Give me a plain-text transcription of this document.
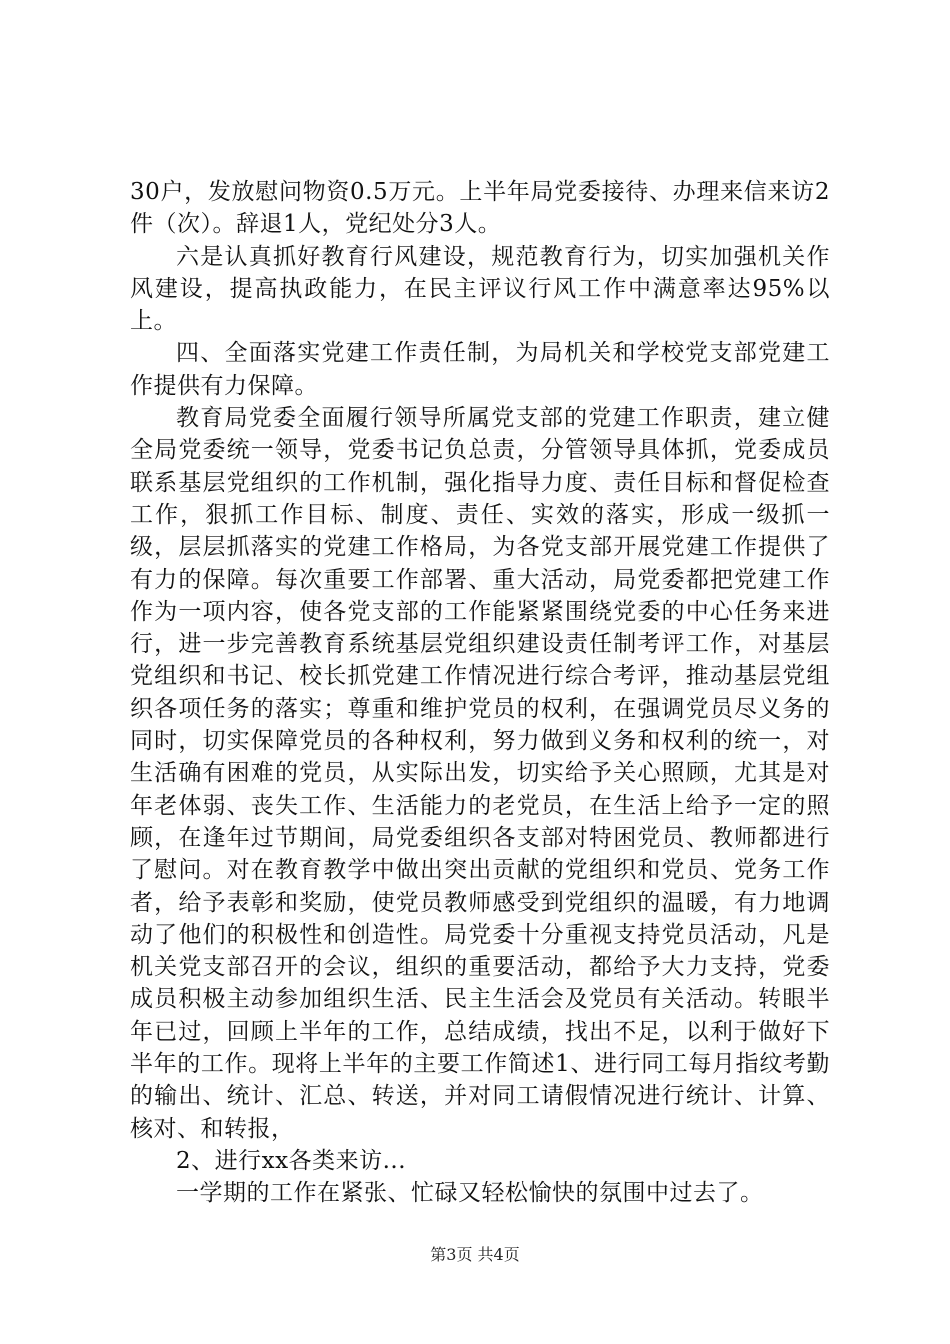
30户，发放慰问物资0.5万元。上半年局党委接待、办理来信来访2件（次）。辞退1人，党纪处分3人。

六是认真抓好教育行风建设，规范教育行为，切实加强机关作风建设，提高执政能力，在民主评议行风工作中满意率达95%以上。

四、全面落实党建工作责任制，为局机关和学校党支部党建工作提供有力保障。

教育局党委全面履行领导所属党支部的党建工作职责，建立健全局党委统一领导，党委书记负总责，分管领导具体抓，党委成员联系基层党组织的工作机制，强化指导力度、责任目标和督促检查工作，狠抓工作目标、制度、责任、实效的落实，形成一级抓一级，层层抓落实的党建工作格局，为各党支部开展党建工作提供了有力的保障。每次重要工作部署、重大活动，局党委都把党建工作作为一项内容，使各党支部的工作能紧紧围绕党委的中心任务来进行，进一步完善教育系统基层党组织建设责任制考评工作，对基层党组织和书记、校长抓党建工作情况进行综合考评，推动基层党组织各项任务的落实；尊重和维护党员的权利，在强调党员尽义务的同时，切实保障党员的各种权利，努力做到义务和权利的统一，对生活确有困难的党员，从实际出发，切实给予关心照顾，尤其是对年老体弱、丧失工作、生活能力的老党员，在生活上给予一定的照顾，在逢年过节期间，局党委组织各支部对特困党员、教师都进行了慰问。对在教育教学中做出突出贡献的党组织和党员、党务工作者，给予表彰和奖励，使党员教师感受到党组织的温暖，有力地调动了他们的积极性和创造性。局党委十分重视支持党员活动，凡是机关党支部召开的会议，组织的重要活动，都给予大力支持，党委成员积极主动参加组织生活、民主生活会及党员有关活动。转眼半年已过，回顾上半年的工作，总结成绩，找出不足，以利于做好下半年的工作。现将上半年的主要工作简述1、进行同工每月指纹考勤的输出、统计、汇总、转送，并对同工请假情况进行统计、计算、核对、和转报，

2、进行xx各类来访...

一学期的工作在紧张、忙碌又轻松愉快的氛围中过去了。

第3页 共4页
